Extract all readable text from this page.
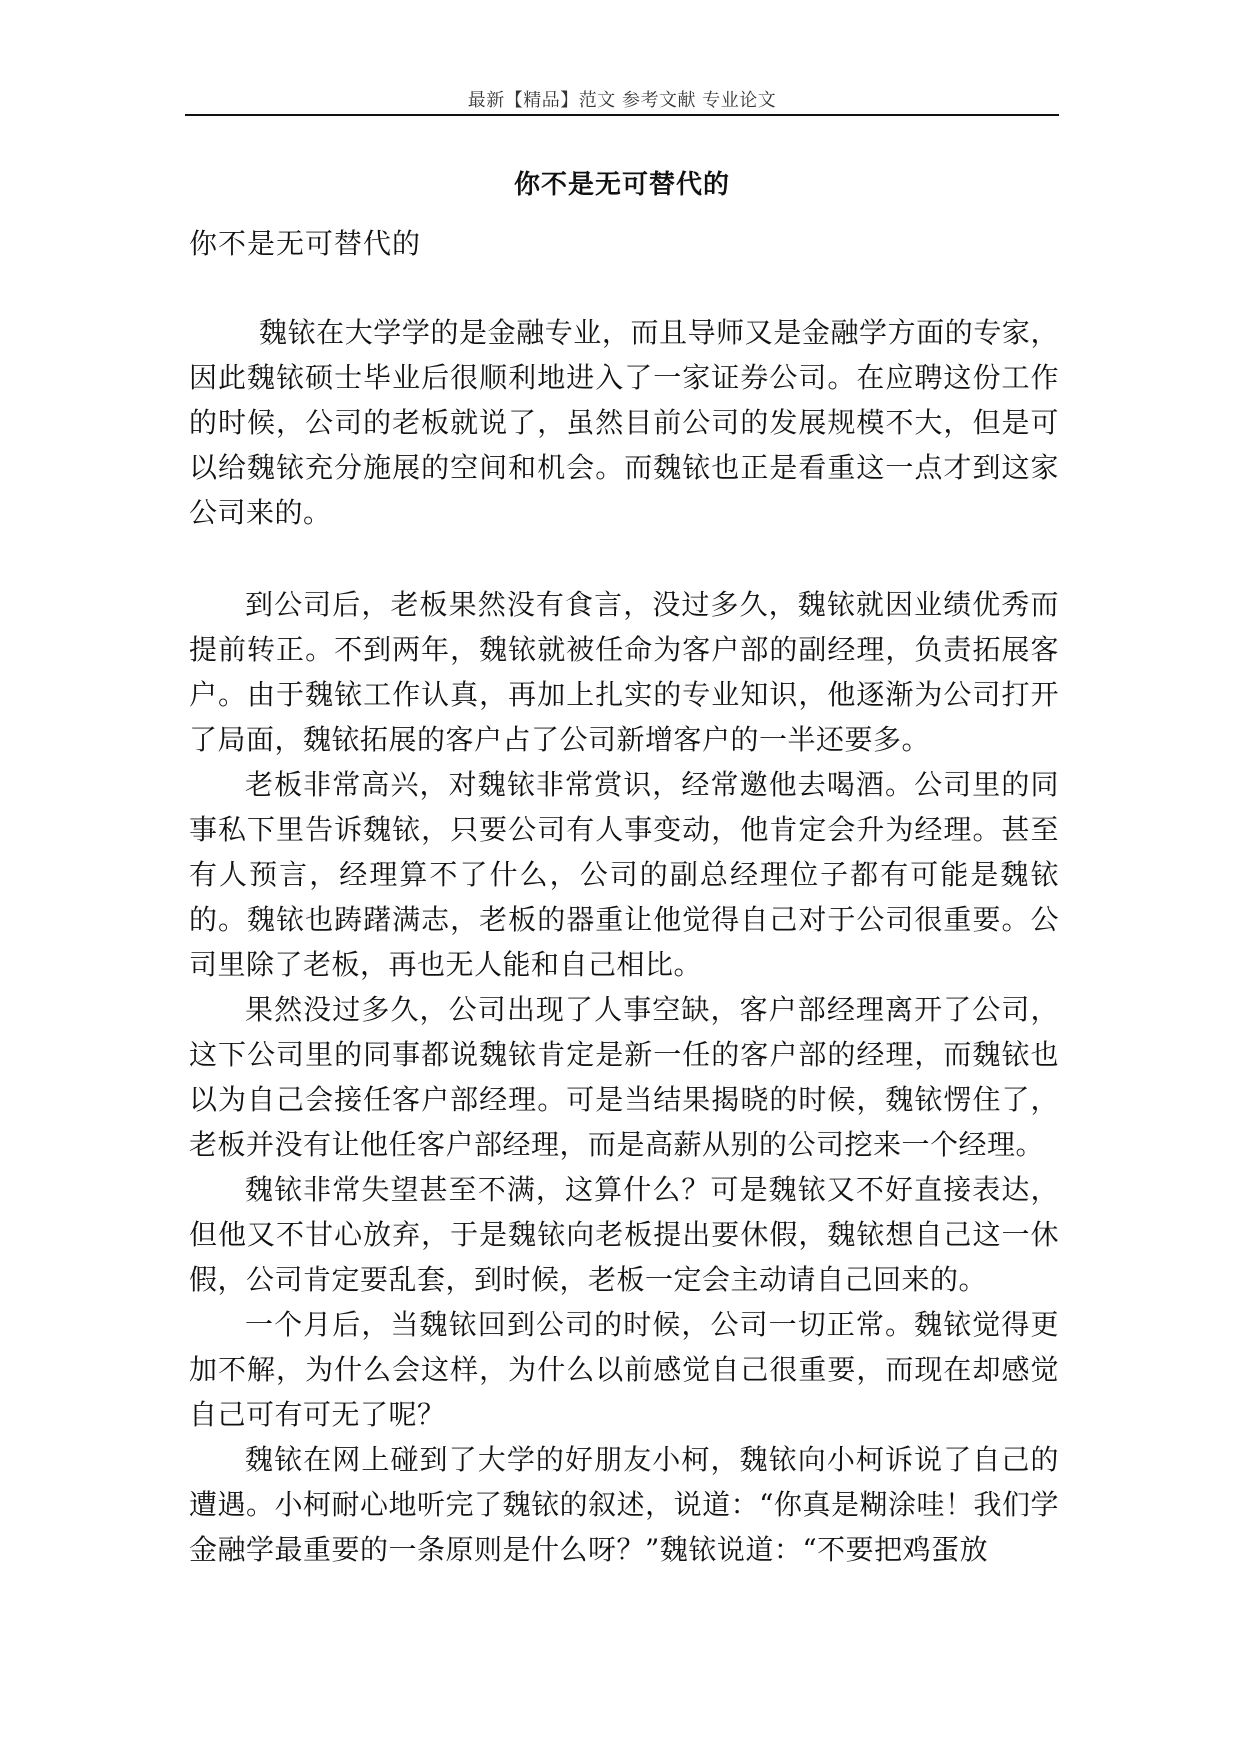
最新【精品】范文 参考文献 专业论文
你不是无可替代的
你不是无可替代的

魏铱在大学学的是金融专业，而且导师又是金融学方面的专家，因此魏铱硕士毕业后很顺利地进入了一家证券公司。在应聘这份工作的时候，公司的老板就说了，虽然目前公司的发展规模不大，但是可以给魏铱充分施展的空间和机会。而魏铱也正是看重这一点才到这家公司来的。

到公司后，老板果然没有食言，没过多久，魏铱就因业绩优秀而提前转正。不到两年，魏铱就被任命为客户部的副经理，负责拓展客户。由于魏铱工作认真，再加上扎实的专业知识，他逐渐为公司打开了局面，魏铱拓展的客户占了公司新增客户的一半还要多。

老板非常高兴，对魏铱非常赏识，经常邀他去喝酒。公司里的同事私下里告诉魏铱，只要公司有人事变动，他肯定会升为经理。甚至有人预言，经理算不了什么，公司的副总经理位子都有可能是魏铱的。魏铱也踌躇满志，老板的器重让他觉得自己对于公司很重要。公司里除了老板，再也无人能和自己相比。

果然没过多久，公司出现了人事空缺，客户部经理离开了公司，这下公司里的同事都说魏铱肯定是新一任的客户部的经理，而魏铱也以为自己会接任客户部经理。可是当结果揭晓的时候，魏铱愣住了，老板并没有让他任客户部经理，而是高薪从别的公司挖来一个经理。

魏铱非常失望甚至不满，这算什么？可是魏铱又不好直接表达，但他又不甘心放弃，于是魏铱向老板提出要休假，魏铱想自己这一休假，公司肯定要乱套，到时候，老板一定会主动请自己回来的。

一个月后，当魏铱回到公司的时候，公司一切正常。魏铱觉得更加不解，为什么会这样，为什么以前感觉自己很重要，而现在却感觉自己可有可无了呢？

魏铱在网上碰到了大学的好朋友小柯，魏铱向小柯诉说了自己的遭遇。小柯耐心地听完了魏铱的叙述，说道：“你真是糊涂哇！我们学金融学最重要的一条原则是什么呀？”魏铱说道：“不要把鸡蛋放
